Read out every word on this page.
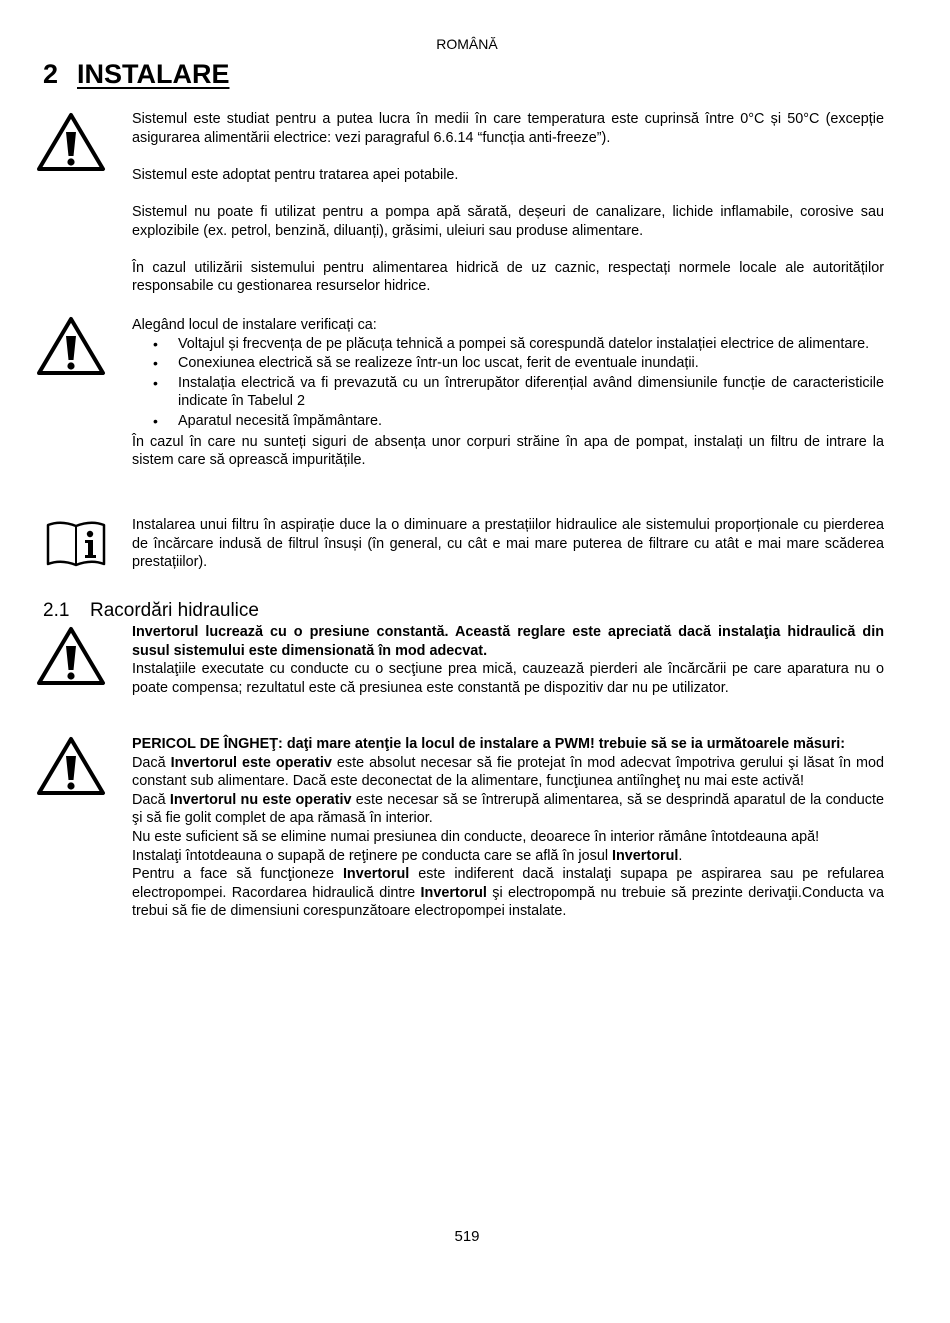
ROMÂNĂ
2 INSTALARE

Sistemul este studiat pentru a putea lucra în medii în care temperatura este cuprinsă între 0°C și 50°C (excepție asigurarea alimentării electrice: vezi paragraful 6.6.14 “funcția anti-freeze”).

Sistemul este adoptat pentru tratarea apei potabile.

Sistemul nu poate fi utilizat pentru a pompa apă sărată, deșeuri de canalizare, lichide inflamabile, corosive sau explozibile (ex. petrol, benzină, diluanți), grăsimi, uleiuri sau produse alimentare.

În cazul utilizării sistemului pentru alimentarea hidrică de uz caznic, respectați normele locale ale autorităților responsabile cu gestionarea resurselor hidrice.

Alegând locul de instalare verificați ca:

• Voltajul și frecvența de pe plăcuța tehnică a pompei să corespundă datelor instalației electrice de alimentare.
• Conexiunea electrică să se realizeze într-un loc uscat, ferit de eventuale inundații.
• Instalația electrică va fi prevazută cu un întrerupător diferențial având dimensiunile funcție de caracteristicile indicate în Tabelul 2
• Aparatul necesită împământare.

În cazul în care nu sunteți siguri de absența unor corpuri străine în apa de pompat, instalați un filtru de intrare la sistem care să oprească impuritățile.

Instalarea unui filtru în aspirație duce la o diminuare a prestațiilor hidraulice ale sistemului proporționale cu pierderea de încărcare indusă de filtrul însuși (în general, cu cât e mai mare puterea de filtrare cu atât e mai mare scăderea prestațiilor).

2.1 Racordări hidraulice

Invertorul lucrează cu o presiune constantă. Această reglare este apreciată dacă instalaţia hidraulică din susul sistemului este dimensionată în mod adecvat.

Instalaţiile executate cu conducte cu o secţiune prea mică, cauzează pierderi ale încărcării pe care aparatura nu o poate compensa; rezultatul este că presiunea este constantă pe dispozitiv dar nu pe utilizator.

PERICOL DE ÎNGHEŢ: daţi mare atenţie la locul de instalare a PWM! trebuie să se ia următoarele măsuri:

Dacă Invertorul este operativ este absolut necesar să fie protejat în mod adecvat împotriva gerului şi lăsat în mod constant sub alimentare. Dacă este deconectat de la alimentare, funcţiunea antiîngheţ nu mai este activă!

Dacă Invertorul nu este operativ este necesar să se întrerupă alimentarea, să se desprindă aparatul de la conducte şi să fie golit complet de apa rămasă în interior.

Nu este suficient să se elimine numai presiunea din conducte, deoarece în interior rămâne întotdeauna apă!

Instalaţi întotdeauna o supapă de reţinere pe conducta care se află în josul Invertorul.

Pentru a face să funcţioneze Invertorul este indiferent dacă instalaţi supapa pe aspirarea sau pe refularea electropompei. Racordarea hidraulică dintre Invertorul şi electropompă nu trebuie să prezinte derivaţii.Conducta va trebui să fie de dimensiuni corespunzătoare electropompei instalate.

519
